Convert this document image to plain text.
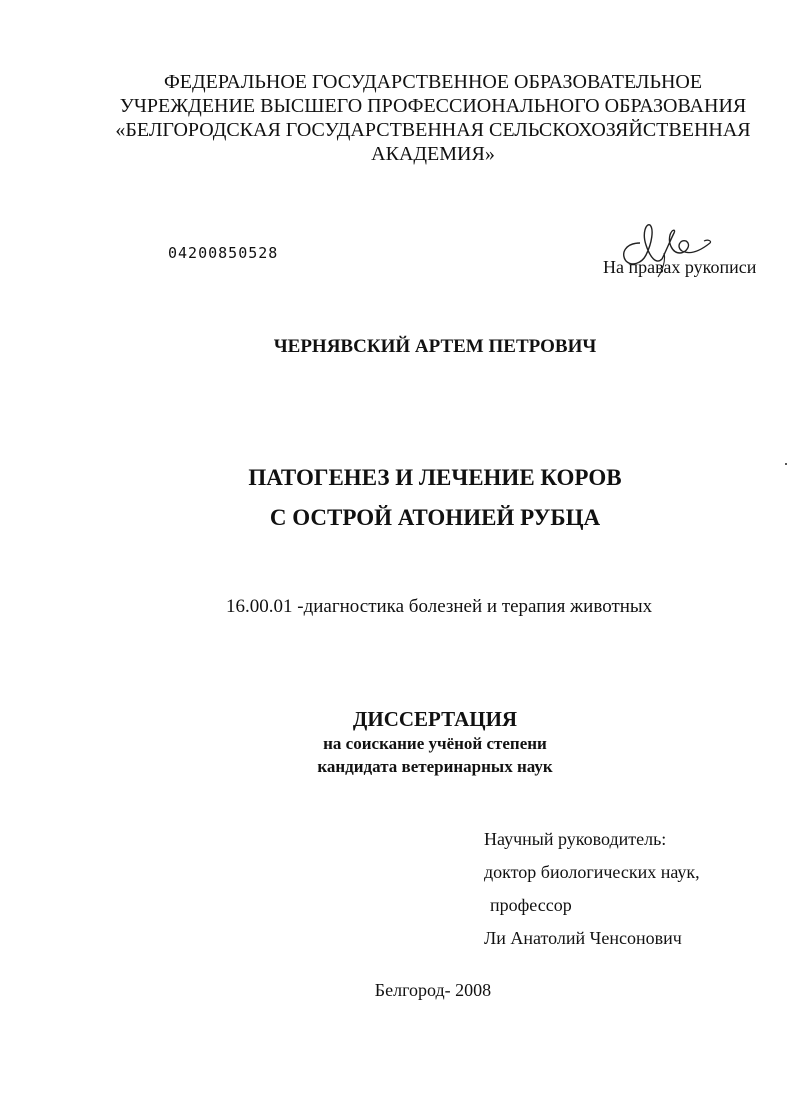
ФЕДЕРАЛЬНОЕ ГОСУДАРСТВЕННОЕ ОБРАЗОВАТЕЛЬНОЕ
УЧРЕЖДЕНИЕ ВЫСШЕГО ПРОФЕССИОНАЛЬНОГО ОБРАЗОВАНИЯ
«БЕЛГОРОДСКАЯ ГОСУДАРСТВЕННАЯ СЕЛЬСКОХОЗЯЙСТВЕННАЯ
АКАДЕМИЯ»
04200850528
На правах рукописи
ЧЕРНЯВСКИЙ АРТЕМ ПЕТРОВИЧ
ПАТОГЕНЕЗ И ЛЕЧЕНИЕ КОРОВ
С ОСТРОЙ АТОНИЕЙ РУБЦА
16.00.01 -диагностика болезней и терапия животных
ДИССЕРТАЦИЯ
на соискание учёной степени
кандидата ветеринарных наук
Научный руководитель:
доктор биологических наук,
профессор
Ли Анатолий Ченсонович
Белгород- 2008
